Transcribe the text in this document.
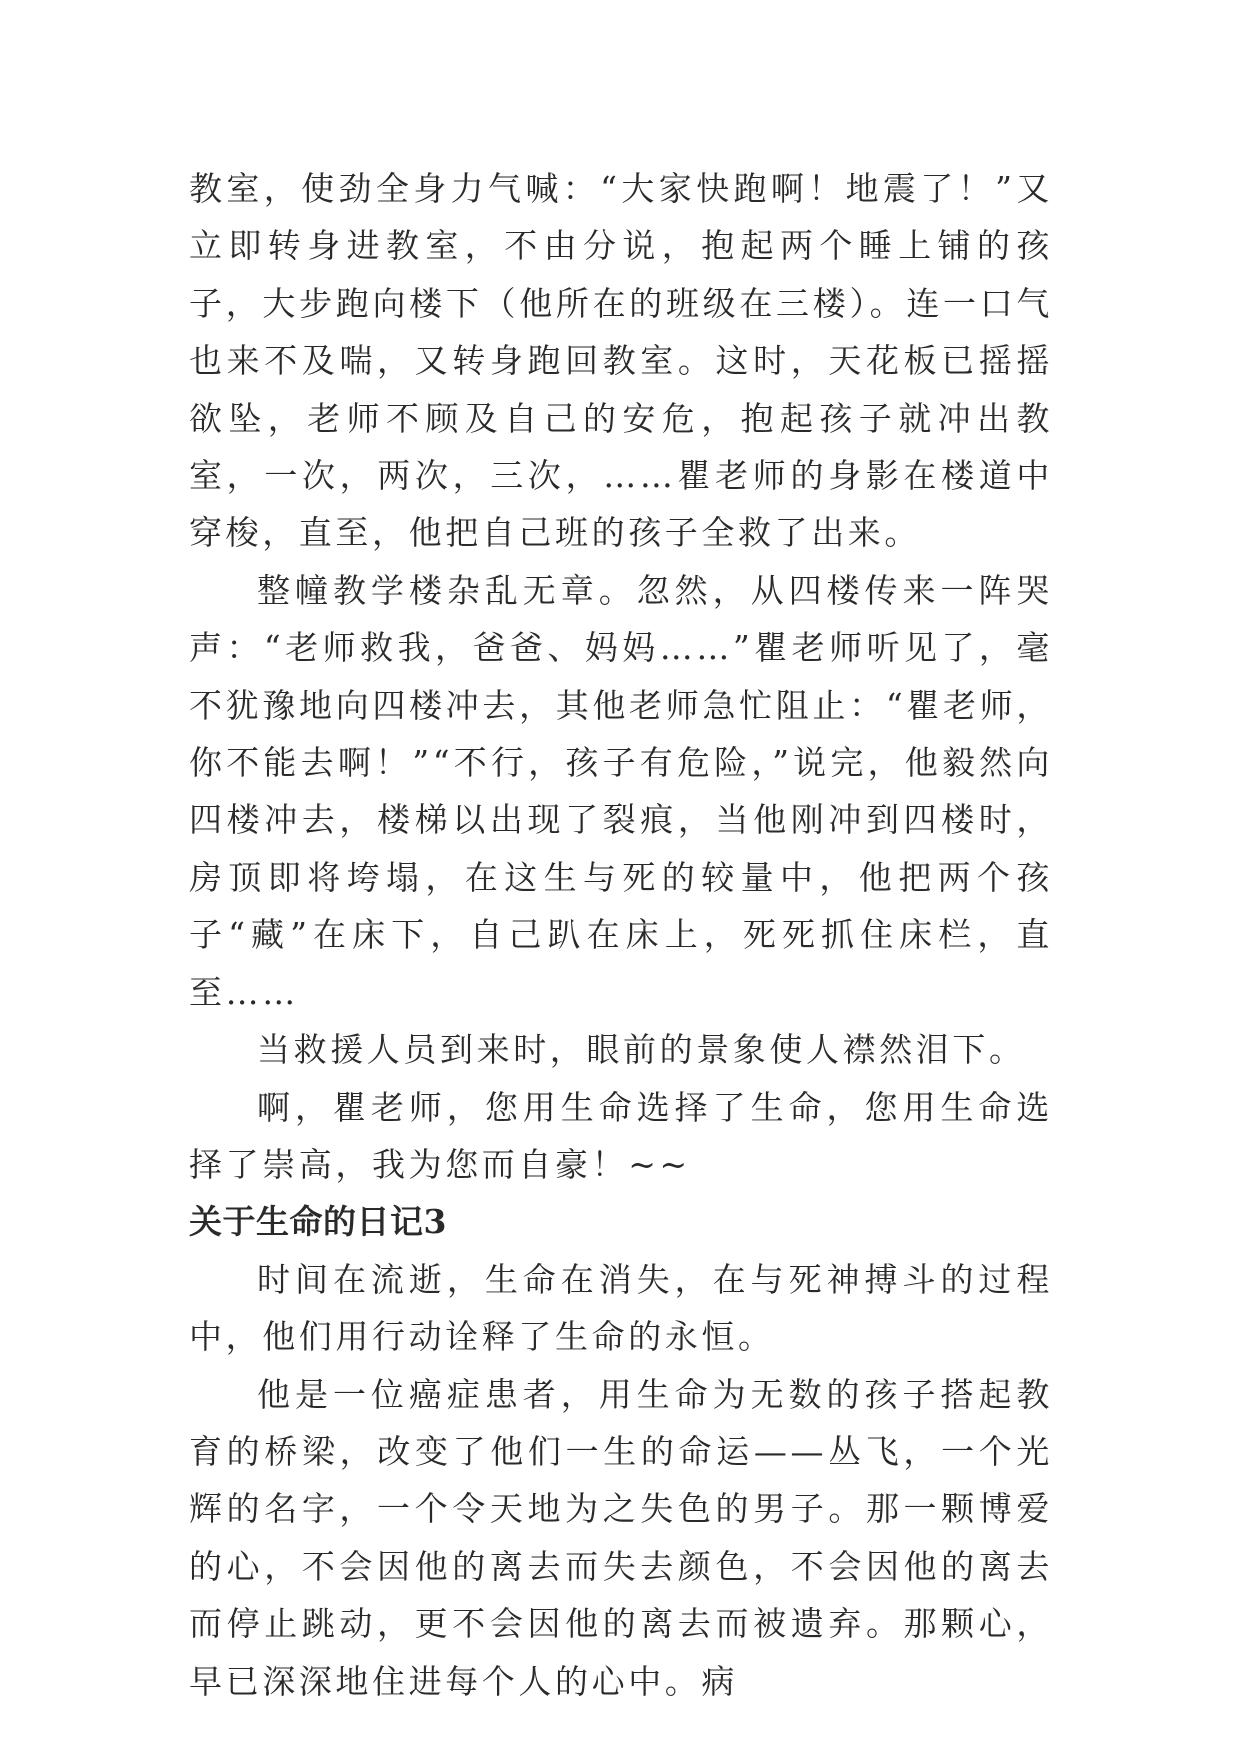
教室，使劲全身力气喊：“大家快跑啊！地震了！”又立即转身进教室，不由分说，抱起两个睡上铺的孩子，大步跑向楼下（他所在的班级在三楼）。连一口气也来不及喘，又转身跑回教室。这时，天花板已摇摇欲坠，老师不顾及自己的安危，抱起孩子就冲出教室，一次，两次，三次，……瞿老师的身影在楼道中穿梭，直至，他把自己班的孩子全救了出来。

整幢教学楼杂乱无章。忽然，从四楼传来一阵哭声：“老师救我，爸爸、妈妈……”瞿老师听见了，毫不犹豫地向四楼冲去，其他老师急忙阻止：“瞿老师，你不能去啊！”“不行，孩子有危险，”说完，他毅然向四楼冲去，楼梯以出现了裂痕，当他刚冲到四楼时，房顶即将垮塌，在这生与死的较量中，他把两个孩子“藏”在床下，自己趴在床上，死死抓住床栏，直至……

当救援人员到来时，眼前的景象使人襟然泪下。

啊，瞿老师，您用生命选择了生命，您用生命选择了崇高，我为您而自豪！~~

关于生命的日记3

时间在流逝，生命在消失，在与死神搏斗的过程中，他们用行动诠释了生命的永恒。

他是一位癌症患者，用生命为无数的孩子搭起教育的桥梁，改变了他们一生的命运——丛飞，一个光辉的名字，一个令天地为之失色的男子。那一颗博爱的心，不会因他的离去而失去颜色，不会因他的离去而停止跳动，更不会因他的离去而被遗弃。那颗心，早已深深地住进每个人的心中。病
